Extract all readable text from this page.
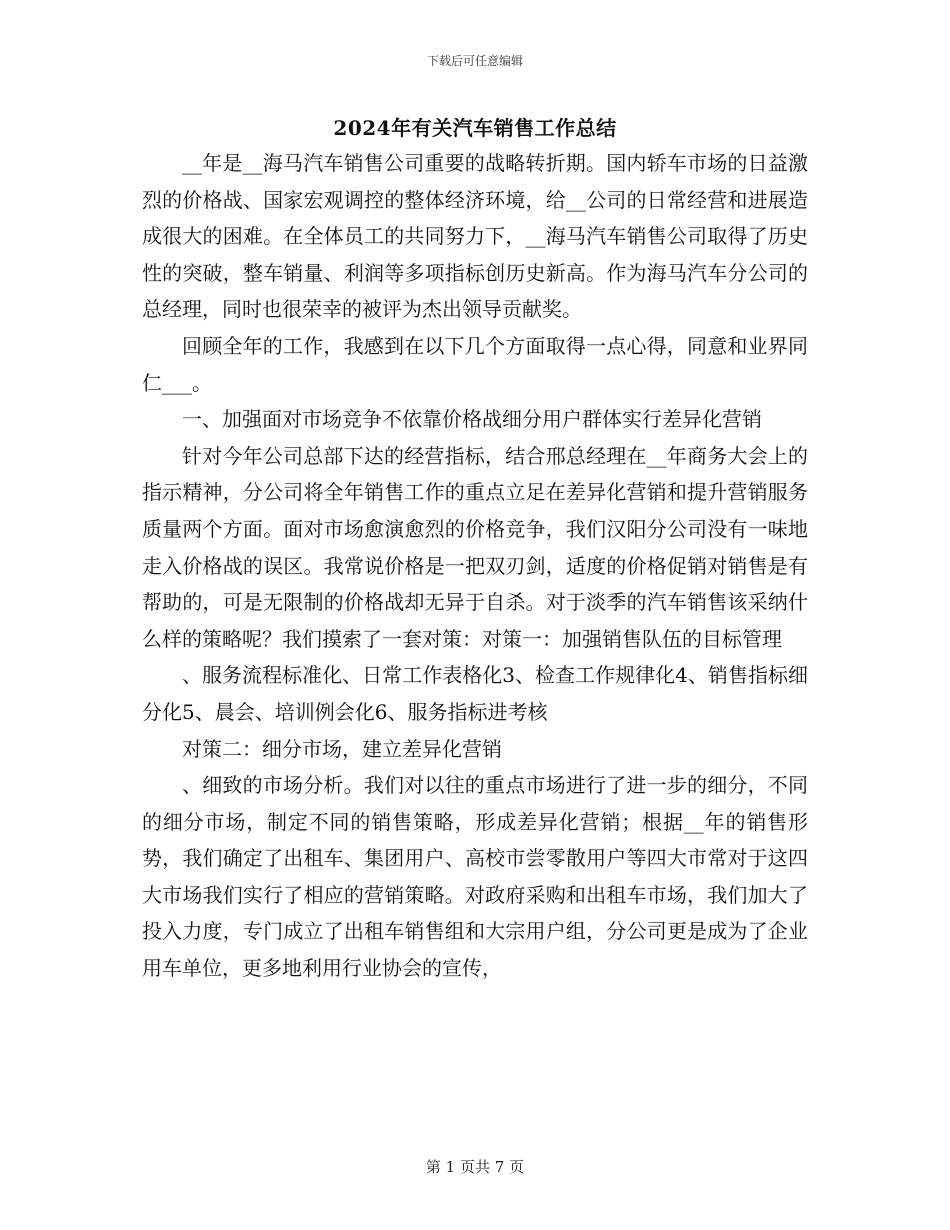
下载后可任意编辑
2024年有关汽车销售工作总结

__年是__海马汽车销售公司重要的战略转折期。国内轿车市场的日益激烈的价格战、国家宏观调控的整体经济环境，给__公司的日常经营和进展造成很大的困难。在全体员工的共同努力下，__海马汽车销售公司取得了历史性的突破，整车销量、利润等多项指标创历史新高。作为海马汽车分公司的总经理，同时也很荣幸的被评为杰出领导贡献奖。

回顾全年的工作，我感到在以下几个方面取得一点心得，同意和业界同仁___。

一、加强面对市场竞争不依靠价格战细分用户群体实行差异化营销

针对今年公司总部下达的经营指标，结合邢总经理在__年商务大会上的指示精神，分公司将全年销售工作的重点立足在差异化营销和提升营销服务质量两个方面。面对市场愈演愈烈的价格竞争，我们汉阳分公司没有一味地走入价格战的误区。我常说价格是一把双刃剑，适度的价格促销对销售是有帮助的，可是无限制的价格战却无异于自杀。对于淡季的汽车销售该采纳什么样的策略呢？我们摸索了一套对策：对策一：加强销售队伍的目标管理

、服务流程标准化、日常工作表格化3、检查工作规律化4、销售指标细分化5、晨会、培训例会化6、服务指标进考核

对策二：细分市场，建立差异化营销

、细致的市场分析。我们对以往的重点市场进行了进一步的细分，不同的细分市场，制定不同的销售策略，形成差异化营销；根据__年的销售形势，我们确定了出租车、集团用户、高校市尝零散用户等四大市常对于这四大市场我们实行了相应的营销策略。对政府采购和出租车市场，我们加大了投入力度，专门成立了出租车销售组和大宗用户组，分公司更是成为了企业用车单位，更多地利用行业协会的宣传，

第 1 页共 7 页
